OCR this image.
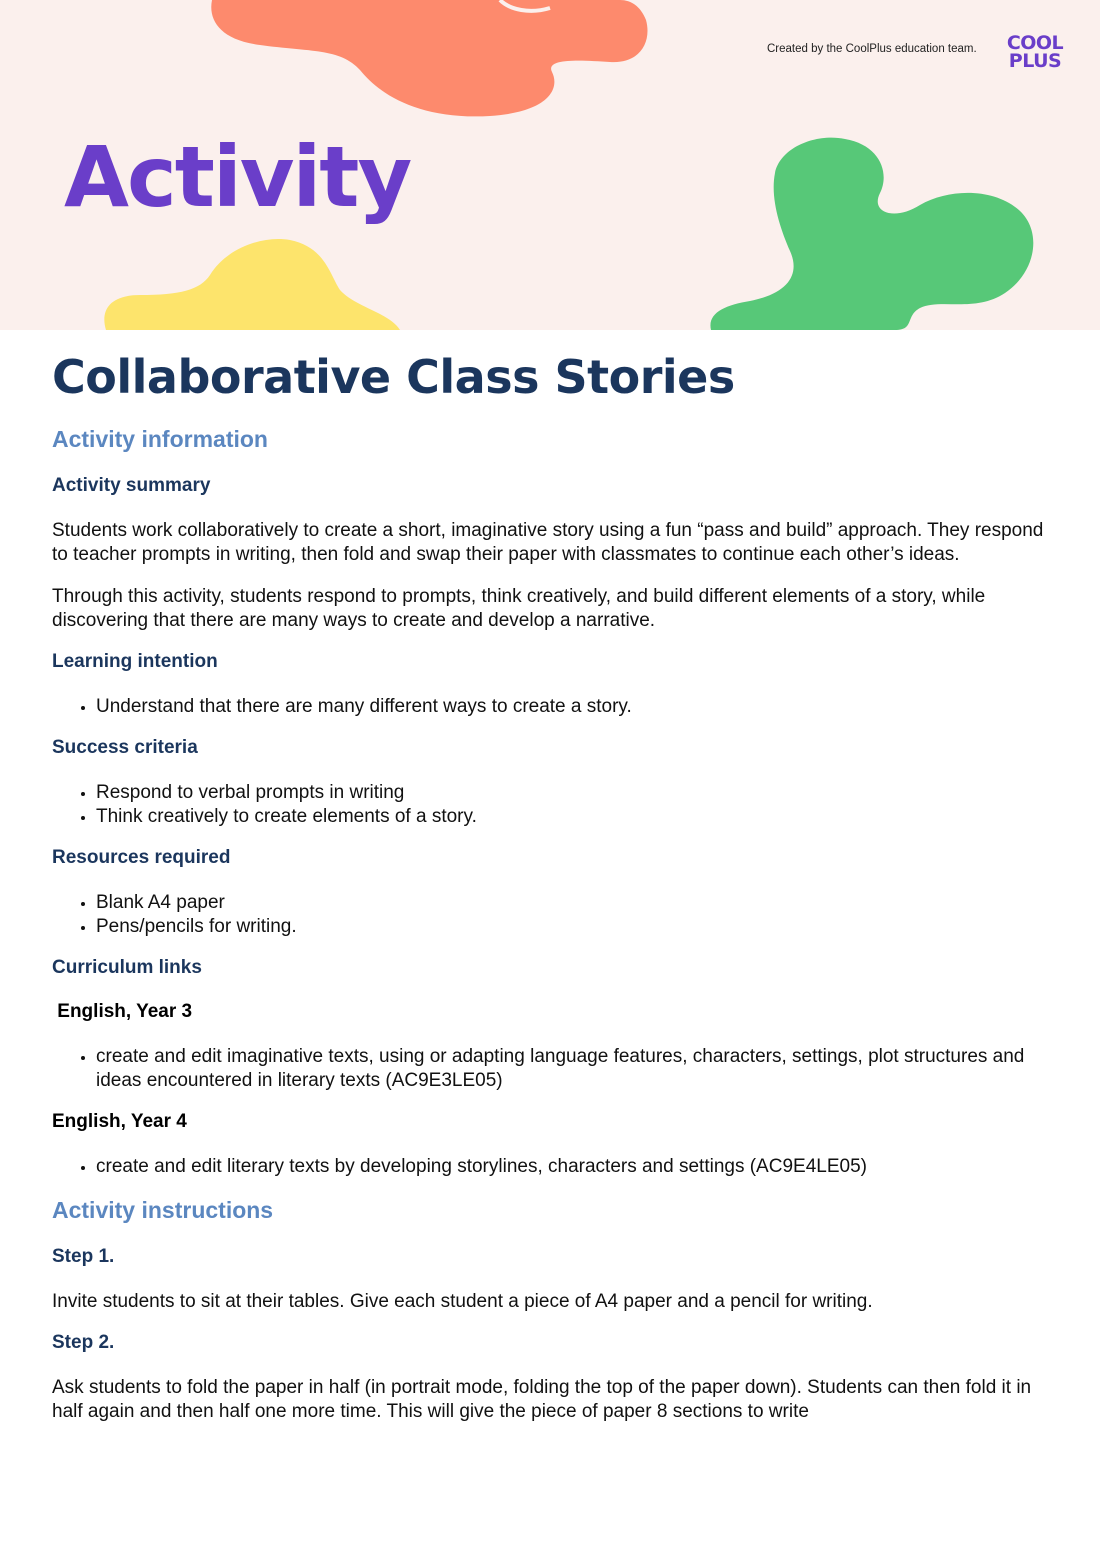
Created by the CoolPlus education team. COOL
PLUS
Activity
Collaborative Class Stories
Activity information
Activity summary

Students work collaboratively to create a short, imaginative story using a fun “pass and build” approach. They respond to teacher prompts in writing, then fold and swap their paper with classmates to continue each other’s ideas.

Through this activity, students respond to prompts, think creatively, and build different elements of a story, while discovering that there are many ways to create and develop a narrative.

Learning intention
• Understand that there are many different ways to create a story.
Success criteria
• Respond to verbal prompts in writing
• Think creatively to create elements of a story.
Resources required
• Blank A4 paper
• Pens/pencils for writing.
Curriculum links
English, Year 3
• create and edit imaginative texts, using or adapting language features, characters, settings, plot structures and ideas encountered in literary texts (AC9E3LE05)
English, Year 4
• create and edit literary texts by developing storylines, characters and settings (AC9E4LE05)
Activity instructions
Step 1.

Invite students to sit at their tables. Give each student a piece of A4 paper and a pencil for writing.

Step 2.

Ask students to fold the paper in half (in portrait mode, folding the top of the paper down). Students can then fold it in half again and then half one more time. This will give the piece of paper 8 sections to write
